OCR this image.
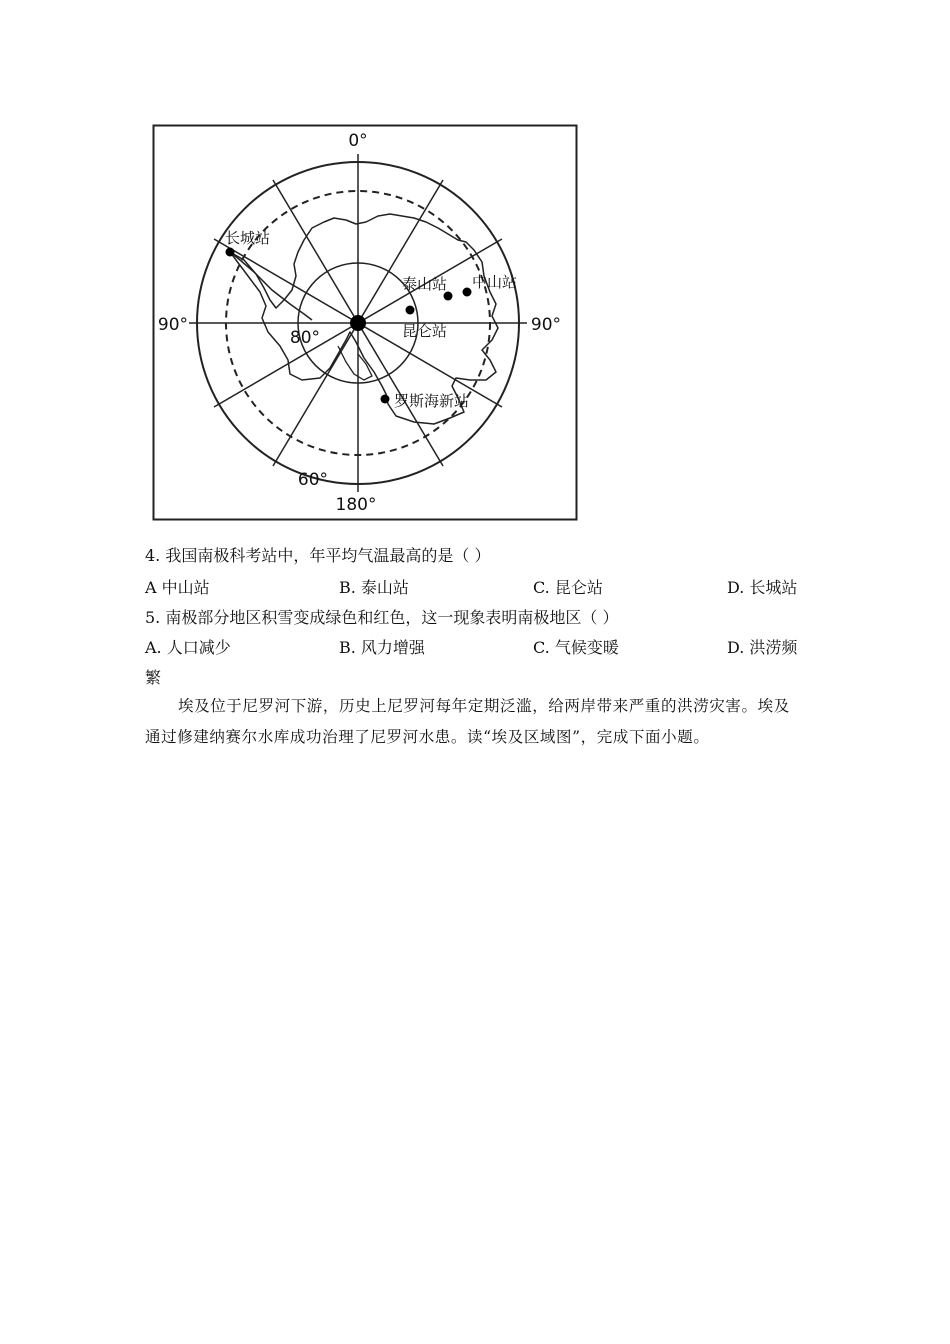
0°
180°
90°	90°
80°
60°
长城站
泰山站 中山站
昆仑站
罗斯海新站
4. 我国南极科考站中，年平均气温最高的是（ ）
A 中山站	B. 泰山站	C. 昆仑站	D. 长城站
5. 南极部分地区积雪变成绿色和红色，这一现象表明南极地区（ ）
A. 人口减少	B. 风力增强	C. 气候变暖	D. 洪涝频
繁
埃及位于尼罗河下游，历史上尼罗河每年定期泛滥，给两岸带来严重的洪涝灾害。埃及通过修建纳赛尔水库成功治理了尼罗河水患。读“埃及区域图”，完成下面小题。
